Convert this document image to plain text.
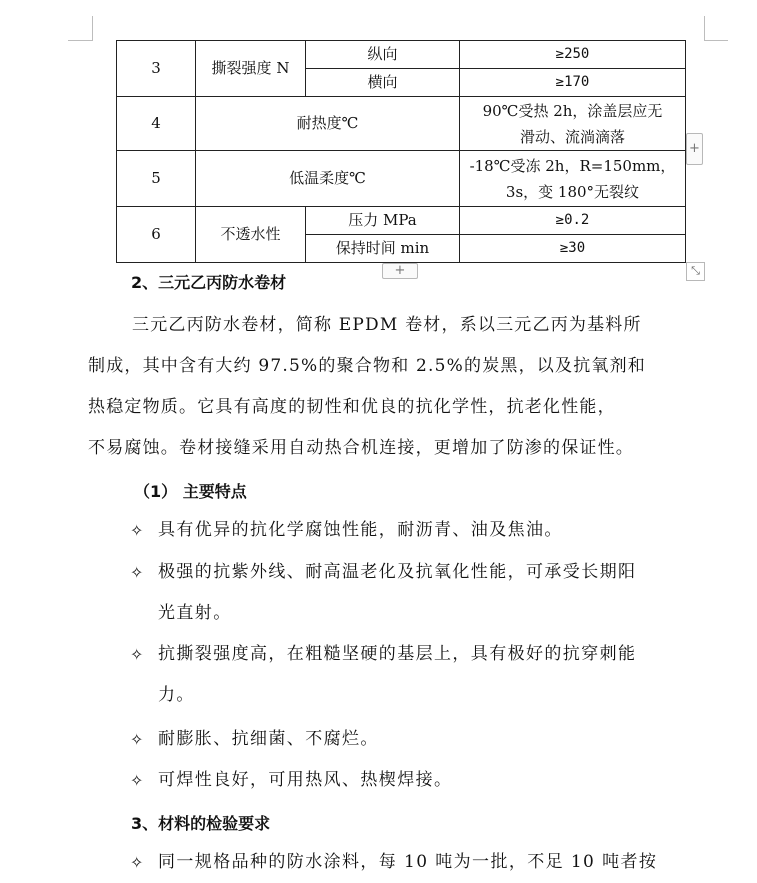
3	撕裂强度 N	纵向	≥250
		横向	≥170
4	耐热度℃		90℃受热 2h，涂盖层应无
滑动、流淌滴落

5	低温柔度℃		-18℃受冻 2h，R=150mm，
3s，变 180°无裂纹

6	不透水性	压力 MPa	≥0.2
		保持时间 min	≥30
+
+	⤡
2、三元乙丙防水卷材
三元乙丙防水卷材，简称 EPDM 卷材，系以三元乙丙为基料所
制成，其中含有大约 97.5%的聚合物和 2.5%的炭黑，以及抗氧剂和
热稳定物质。它具有高度的韧性和优良的抗化学性，抗老化性能，
不易腐蚀。卷材接缝采用自动热合机连接，更增加了防渗的保证性。
（1） 主要特点
✧ 具有优异的抗化学腐蚀性能，耐沥青、油及焦油。
✧ 极强的抗紫外线、耐高温老化及抗氧化性能，可承受长期阳
光直射。
✧ 抗撕裂强度高，在粗糙坚硬的基层上，具有极好的抗穿刺能
力。
✧ 耐膨胀、抗细菌、不腐烂。
✧ 可焊性良好，可用热风、热楔焊接。
3、材料的检验要求
✧ 同一规格品种的防水涂料，每 10 吨为一批，不足 10 吨者按
